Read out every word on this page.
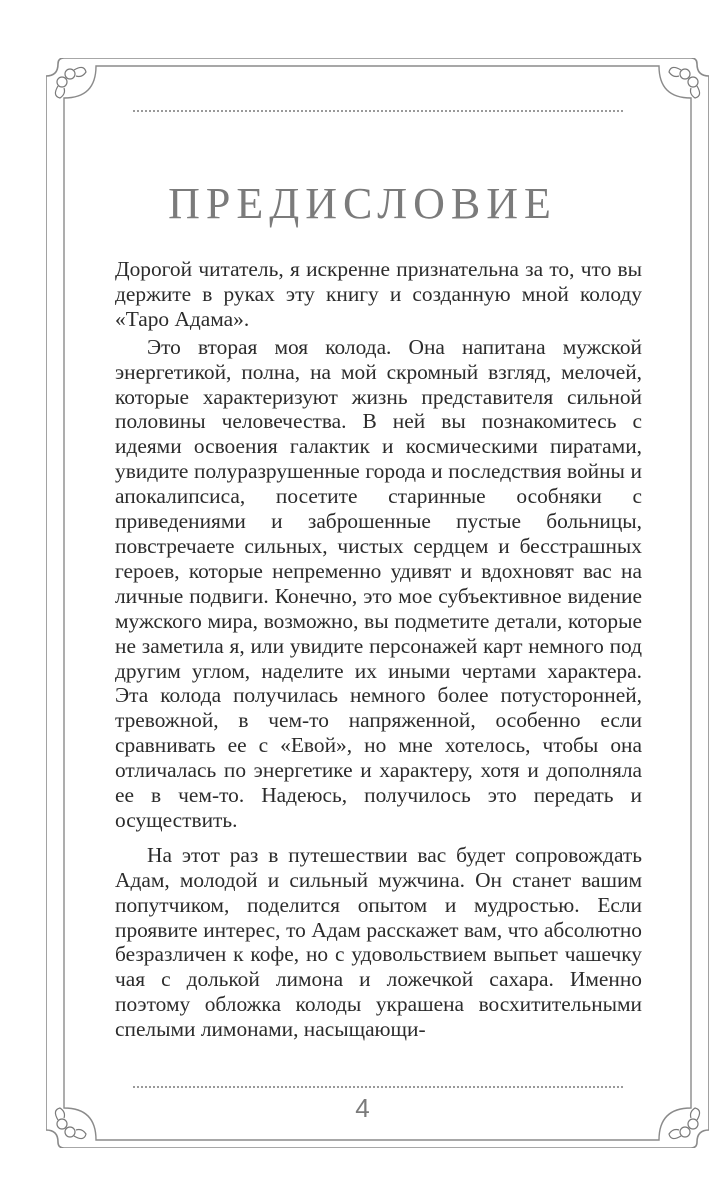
ПРЕДИСЛОВИЕ

Дорогой читатель, я искренне признательна за то, что вы держите в руках эту книгу и созданную мной колоду «Таро Адама».

Это вторая моя колода. Она напитана мужской энергетикой, полна, на мой скромный взгляд, мелочей, которые характеризуют жизнь представителя сильной половины человечества. В ней вы познакомитесь с идеями освоения галактик и космическими пиратами, увидите полуразрушенные города и последствия войны и апокалипсиса, посетите старинные особняки с приведениями и заброшенные пустые больницы, повстречаете сильных, чистых сердцем и бесстрашных героев, которые непременно удивят и вдохновят вас на личные подвиги. Конечно, это мое субъективное видение мужского мира, возможно, вы подметите детали, которые не заметила я, или увидите персонажей карт немного под другим углом, наделите их иными чертами характера. Эта колода получилась немного более потусторонней, тревожной, в чем-то напряженной, особенно если сравнивать ее с «Евой», но мне хотелось, чтобы она отличалась по энергетике и характеру, хотя и дополняла ее в чем-то. Надеюсь, получилось это передать и осуществить.

На этот раз в путешествии вас будет сопровождать Адам, молодой и сильный мужчина. Он станет вашим попутчиком, поделится опытом и мудростью. Если проявите интерес, то Адам расскажет вам, что абсолютно безразличен к кофе, но с удовольствием выпьет чашечку чая с долькой лимона и ложечкой сахара. Именно поэтому обложка колоды украшена восхитительными спелыми лимонами, насыщающи-

4
